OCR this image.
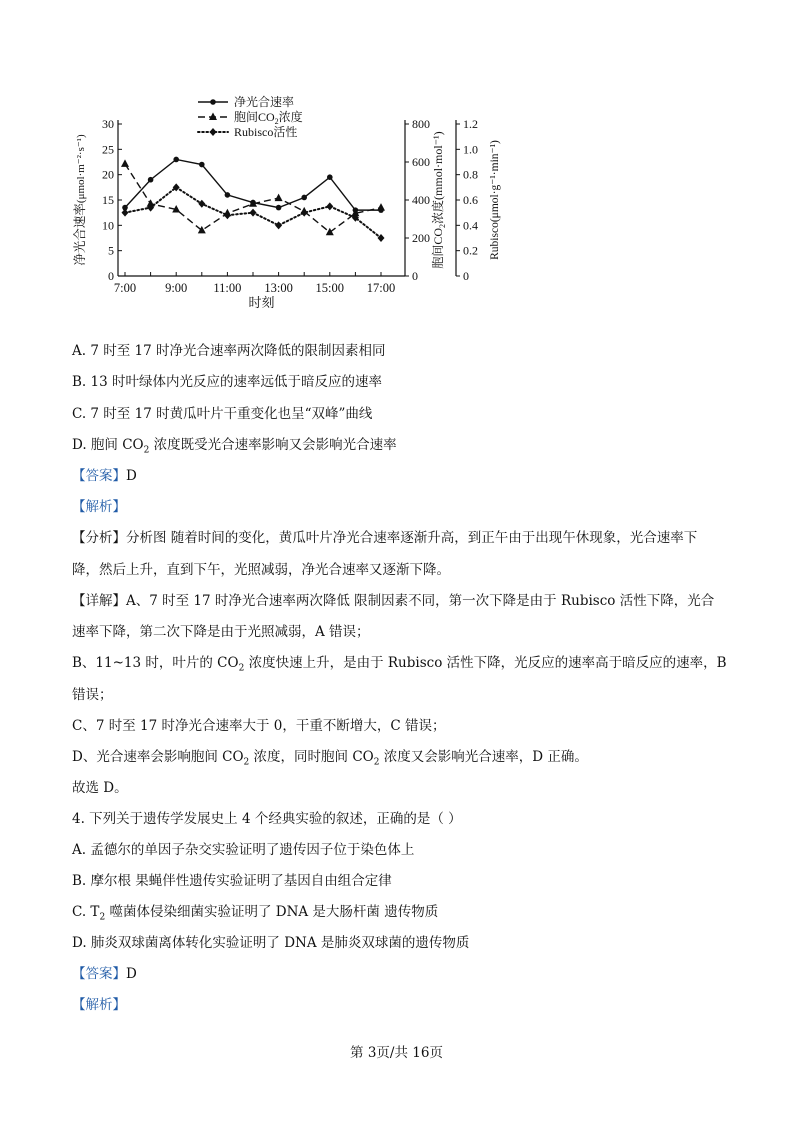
0
5
10
15
20
25
30
0
200
400
600
800
0
0.2
0.4
0.6
0.8
1.0
1.2
7:00 9:00 11:00 13:00 15:00 17:00
时刻
净光合速率(μmol·m⁻²·s⁻¹)
胞间$CO_2$浓度(mmol·mol⁻¹)	Rubisco(μmol·g⁻¹·min⁻¹)
净光合速率
胞间$CO_2$浓度
Rubisco活性
A. 7 时至 17 时净光合速率两次降低的限制因素相同
B. 13 时叶绿体内光反应的速率远低于暗反应的速率
C. 7 时至 17 时黄瓜叶片干重变化也呈“双峰”曲线
D. 胞间 $CO_2$ 浓度既受光合速率影响又会影响光合速率
【答案】D
【解析】
【分析】分析图 随着时间的变化，黄瓜叶片净光合速率逐渐升高，到正午由于出现午休现象，光合速率下
降，然后上升，直到下午，光照减弱，净光合速率又逐渐下降。
【详解】A、7 时至 17 时净光合速率两次降低 限制因素不同，第一次下降是由于 Rubisco 活性下降，光合
速率下降，第二次下降是由于光照减弱，A 错误；
B、11~13 时，叶片的 $CO_2$ 浓度快速上升，是由于 Rubisco 活性下降，光反应的速率高于暗反应的速率，B
错误；
C、7 时至 17 时净光合速率大于 0，干重不断增大，C 错误；
D、光合速率会影响胞间 $CO_2$ 浓度，同时胞间 $CO_2$ 浓度又会影响光合速率，D 正确。
故选 D。
4. 下列关于遗传学发展史上 4 个经典实验的叙述，正确的是（ ）
A. 孟德尔的单因子杂交实验证明了遗传因子位于染色体上
B. 摩尔根 果蝇伴性遗传实验证明了基因自由组合定律
C. $T_2$ 噬菌体侵染细菌实验证明了 DNA 是大肠杆菌 遗传物质
D. 肺炎双球菌离体转化实验证明了 DNA 是肺炎双球菌的遗传物质
【答案】D
【解析】
第 3页/共 16页
